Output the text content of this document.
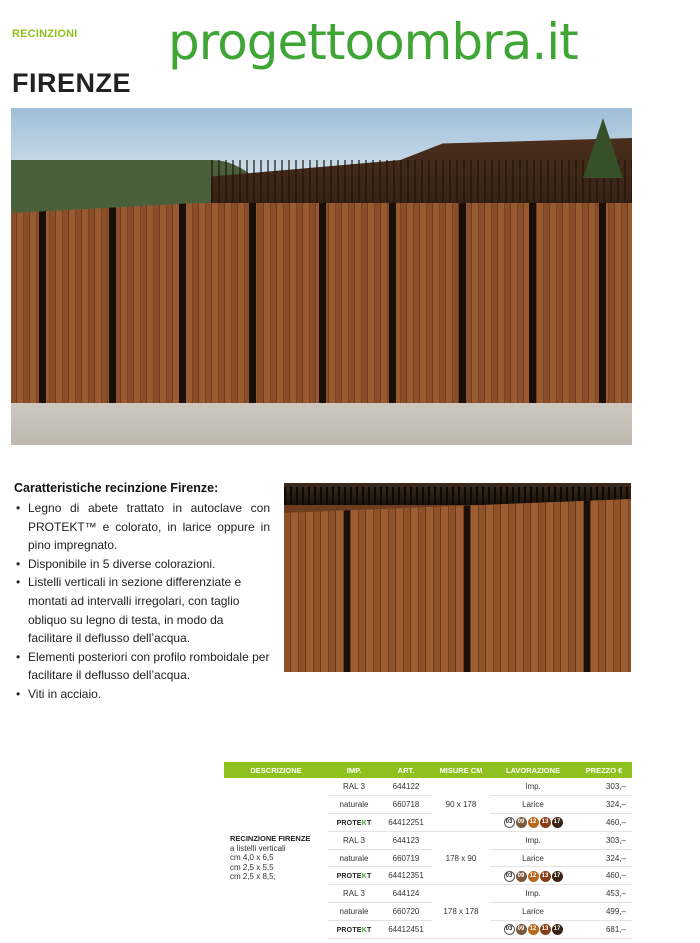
RECINZIONI progettoombra.it
FIRENZE
Caratteristiche recinzione Firenze:
• Legno di abete trattato in autoclave con PROTEKT™ e colorato, in larice oppure in pino impregnato.
• Disponibile in 5 diverse colorazioni.
• Listelli verticali in sezione differenziate e montati ad intervalli irregolari, con taglio obliquo su legno di testa, in modo da facilitare il deflusso dell’acqua.
• Elementi posteriori con profilo romboidale per facilitare il deflusso dell’acqua.
• Viti in acciaio.
DESCRIZIONE	IMP.	ART.	MISURE CM	LAVORAZIONE	PREZZO €

RECINZIONE FIRENZE
a listelli verticali
cm 4,0 x 6,5
cm 2,5 x 5,5
cm 2,5 x 8,5;	RAL 3	644122	90 x 178	Imp.	303,–
	naturale	660718		Larice	324,–
	PROTEKT	64412251		03 09 12 13 17	460,–
	RAL 3	644123	178 x 90	Imp.	303,–
	naturale	660719		Larice	324,–
	PROTEKT	64412351		03 09 12 13 17	460,–
	RAL 3	644124	178 x 178	Imp.	453,–
	naturale	660720		Larice	499,–
	PROTEKT	64412451		03 09 12 13 17	681,–
